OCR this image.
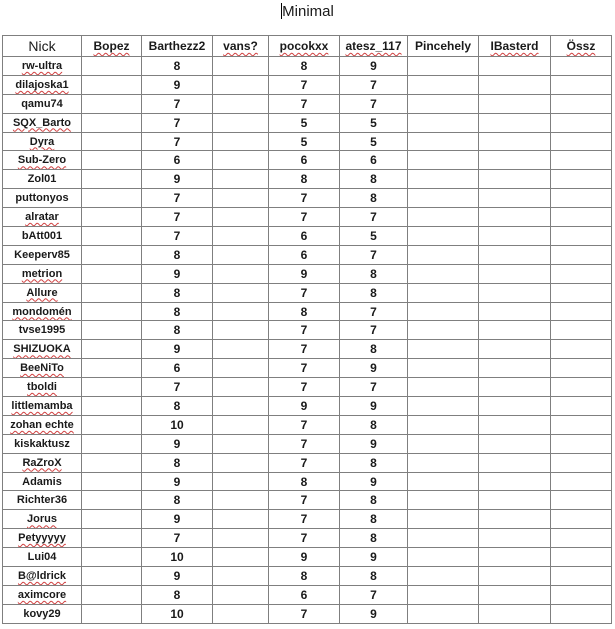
Minimal
Nick	Bopez	Barthezz2	vans?	pocokxx	atesz_117	Pincehely	IBasterd	Össz
rw-ultra		8		8	9			
dilajoska1		9		7	7			
qamu74		7		7	7			
SQX_Barto		7		5	5			
Dyra		7		5	5			
Sub-Zero		6		6	6			
Zol01		9		8	8			
puttonyos		7		7	8			
alratar		7		7	7			
bAtt001		7		6	5			
Keeperv85		8		6	7			
metrion		9		9	8			
Allure		8		7	8			
mondomén		8		8	7			
tvse1995		8		7	7			
SHIZUOKA		9		7	8			
BeeNiTo		6		7	9			
tboldi		7		7	7			
littlemamba		8		9	9			
zohan echte		10		7	8			
kiskaktusz		9		7	9			
RaZroX		8		7	8			
Adamis		9		8	9			
Richter36		8		7	8			
Jorus		9		7	8			
Petyyyyy		7		7	8			
Lui04		10		9	9			
B@ldrick		9		8	8			
aximcore		8		6	7			
kovy29		10		7	9			
